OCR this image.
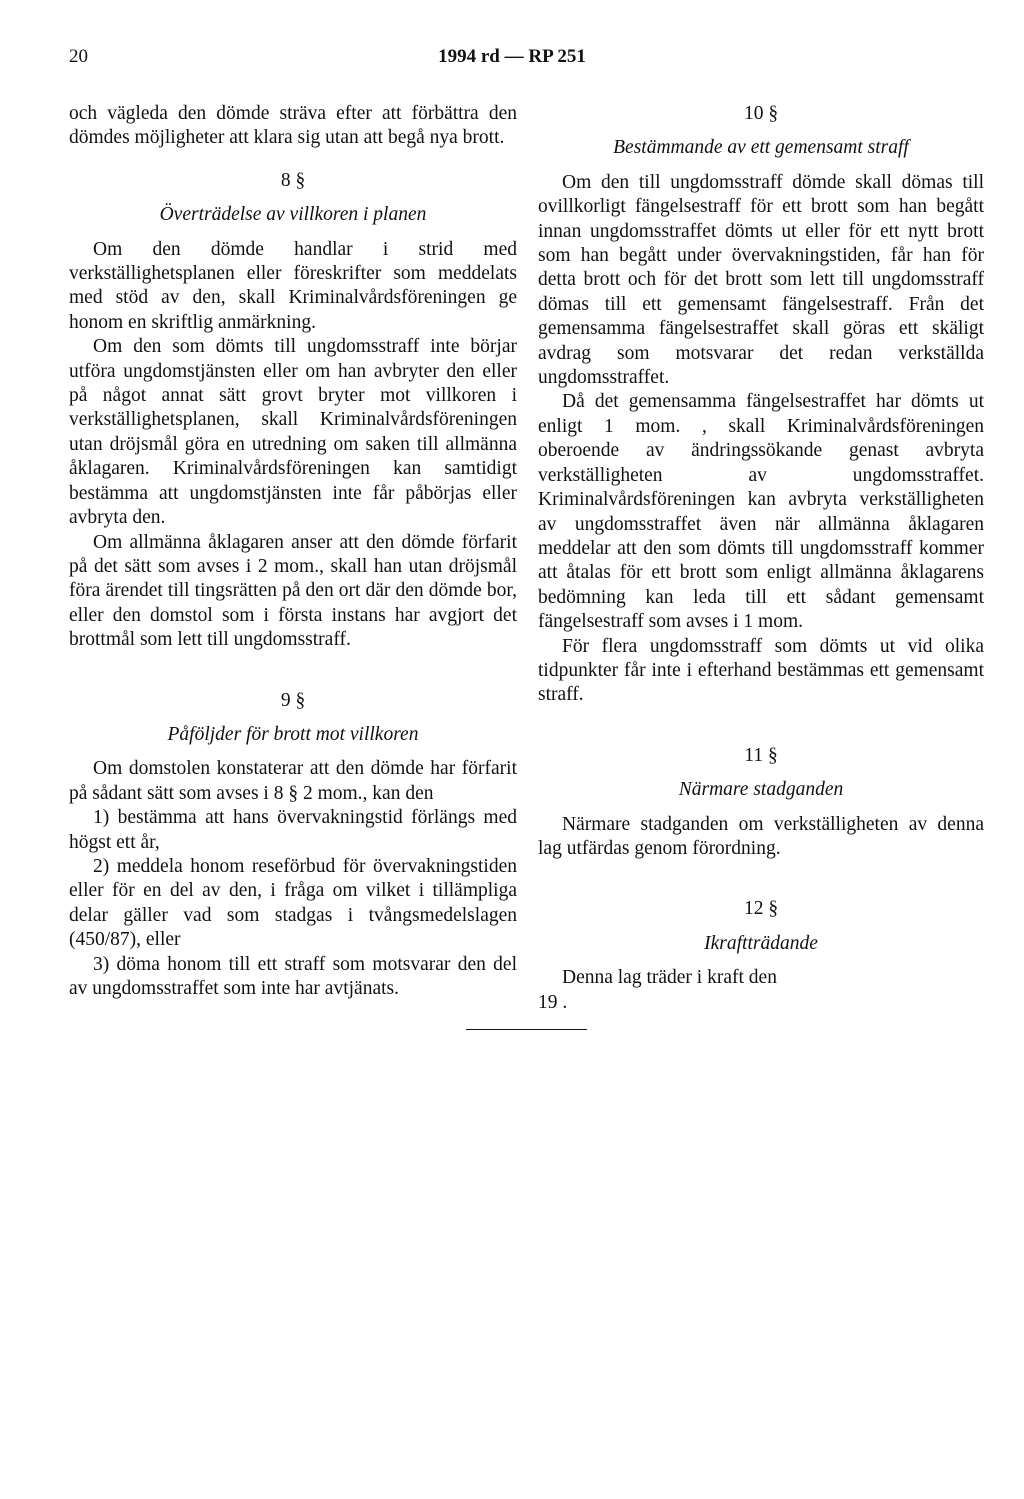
20	1994 rd — RP 251

och vägleda den dömde sträva efter att förbättra den dömdes möjligheter att klara sig utan att begå nya brott.

8 §

Överträdelse av villkoren i planen

Om den dömde handlar i strid med verkställighetsplanen eller föreskrifter som meddelats med stöd av den, skall Kriminalvårdsföreningen ge honom en skriftlig anmärkning.

Om den som dömts till ungdomsstraff inte börjar utföra ungdomstjänsten eller om han avbryter den eller på något annat sätt grovt bryter mot villkoren i verkställighetsplanen, skall Kriminalvårdsföreningen utan dröjsmål göra en utredning om saken till allmänna åklagaren. Kriminalvårdsföreningen kan samtidigt bestämma att ungdomstjänsten inte får påbörjas eller avbryta den.

Om allmänna åklagaren anser att den dömde förfarit på det sätt som avses i 2 mom., skall han utan dröjsmål föra ärendet till tingsrätten på den ort där den dömde bor, eller den domstol som i första instans har avgjort det brottmål som lett till ungdomsstraff.

9 §

Påföljder för brott mot villkoren

Om domstolen konstaterar att den dömde har förfarit på sådant sätt som avses i 8 § 2 mom., kan den

1) bestämma att hans övervakningstid förlängs med högst ett år,

2) meddela honom reseförbud för övervakningstiden eller för en del av den, i fråga om vilket i tillämpliga delar gäller vad som stadgas i tvångsmedelslagen (450/87), eller

3) döma honom till ett straff som motsvarar den del av ungdomsstraffet som inte har avtjänats.

10 §

Bestämmande av ett gemensamt straff

Om den till ungdomsstraff dömde skall dömas till ovillkorligt fängelsestraff för ett brott som han begått innan ungdomsstraffet dömts ut eller för ett nytt brott som han begått under övervakningstiden, får han för detta brott och för det brott som lett till ungdomsstraff dömas till ett gemensamt fängelsestraff. Från det gemensamma fängelsestraffet skall göras ett skäligt avdrag som motsvarar det redan verkställda ungdomsstraffet.

Då det gemensamma fängelsestraffet har dömts ut enligt 1 mom. , skall Kriminalvårdsföreningen oberoende av ändringssökande genast avbryta verkställigheten av ungdomsstraffet. Kriminalvårdsföreningen kan avbryta verkställigheten av ungdomsstraffet även när allmänna åklagaren meddelar att den som dömts till ungdomsstraff kommer att åtalas för ett brott som enligt allmänna åklagarens bedömning kan leda till ett sådant gemensamt fängelsestraff som avses i 1 mom.

För flera ungdomsstraff som dömts ut vid olika tidpunkter får inte i efterhand bestämmas ett gemensamt straff.

11 §

Närmare stadganden

Närmare stadganden om verkställigheten av denna lag utfärdas genom förordning.

12 §

Ikraftträdande

Denna lag träder i kraft den

19 .
